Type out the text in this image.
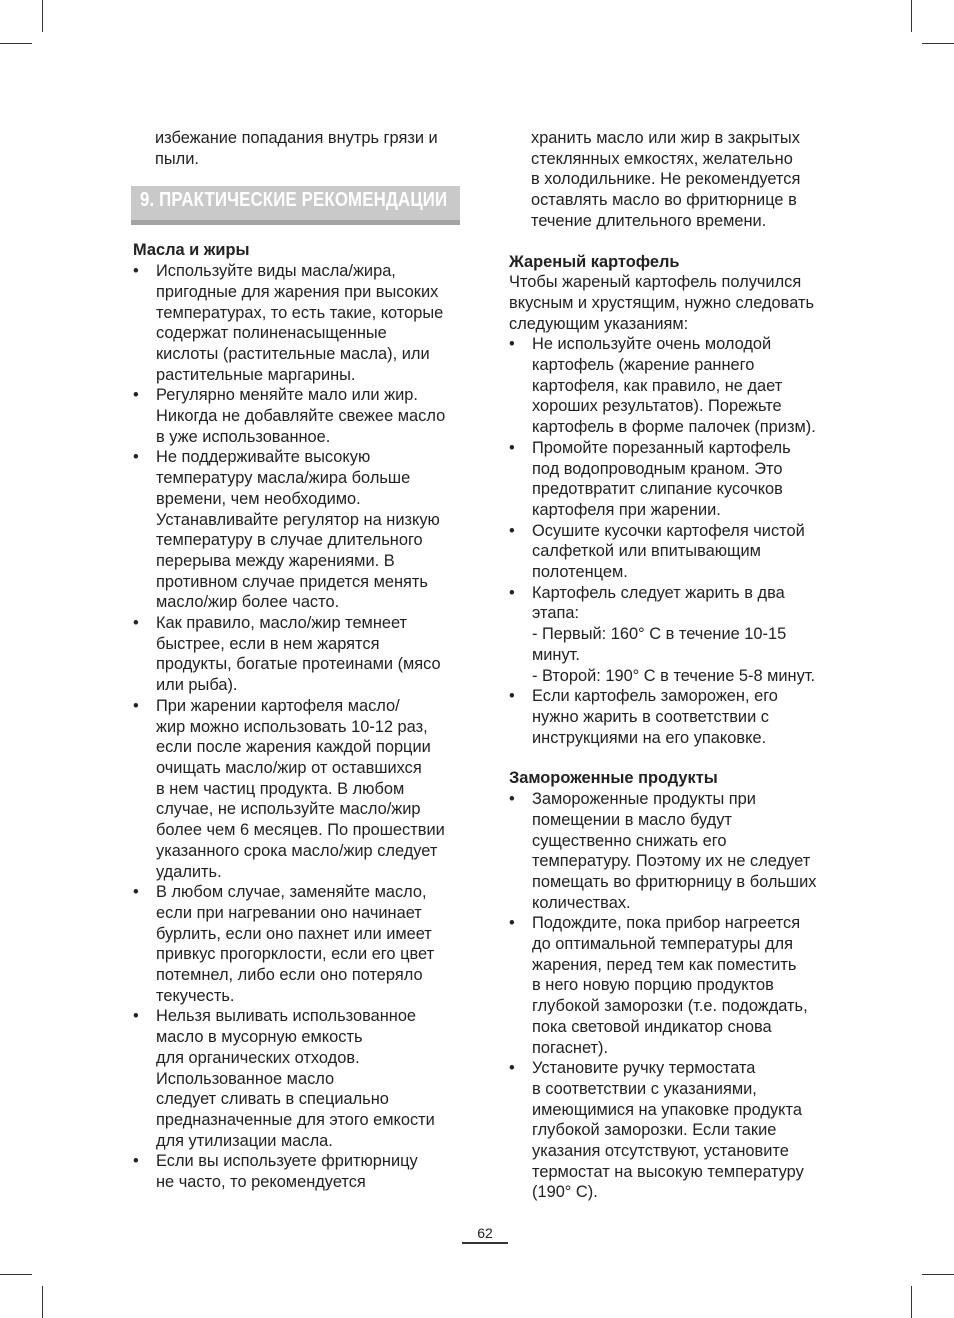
избежание попадания внутрь грязи и
пыли.
9. ПРАКТИЧЕСКИЕ РЕКОМЕНДАЦИИ
Масла и жиры
• Используйте виды масла/жира,
пригодные для жарения при высоких
температурах, то есть такие, которые
содержат полиненасыщенные
кислоты (растительные масла), или
растительные маргарины.
• Регулярно меняйте мало или жир.
Никогда не добавляйте свежее масло
в уже использованное.
• Не поддерживайте высокую
температуру масла/жира больше
времени, чем необходимо.
Устанавливайте регулятор на низкую
температуру в случае длительного
перерыва между жарениями. В
противном случае придется менять
масло/жир более часто.
• Как правило, масло/жир темнеет
быстрее, если в нем жарятся
продукты, богатые протеинами (мясо
или рыба).
• При жарении картофеля масло/
жир можно использовать 10-12 раз,
если после жарения каждой порции
очищать масло/жир от оставшихся
в нем частиц продукта. В любом
случае, не используйте масло/жир
более чем 6 месяцев. По прошествии
указанного срока масло/жир следует
удалить.
• В любом случае, заменяйте масло,
если при нагревании оно начинает
бурлить, если оно пахнет или имеет
привкус прогорклости, если его цвет
потемнел, либо если оно потеряло
текучесть.
• Нельзя выливать использованное
масло в мусорную емкость
для органических отходов.
Использованное масло
следует сливать в специально
предназначенные для этого емкости
для утилизации масла.
• Если вы используете фритюрницу
не часто, то рекомендуется
хранить масло или жир в закрытых
стеклянных емкостях, желательно
в холодильнике. Не рекомендуется
оставлять масло во фритюрнице в
течение длительного времени.
Жареный картофель
Чтобы жареный картофель получился
вкусным и хрустящим, нужно следовать
следующим указаниям:
• Не используйте очень молодой
картофель (жарение раннего
картофеля, как правило, не дает
хороших результатов). Порежьте
картофель в форме палочек (призм).
• Промойте порезанный картофель
под водопроводным краном. Это
предотвратит слипание кусочков
картофеля при жарении.
• Осушите кусочки картофеля чистой
салфеткой или впитывающим
полотенцем.
• Картофель следует жарить в два
этапа:
- Первый: 160° С в течение 10-15
минут.
- Второй: 190° С в течение 5-8 минут.
• Если картофель заморожен, его
нужно жарить в соответствии с
инструкциями на его упаковке.
Замороженные продукты
• Замороженные продукты при
помещении в масло будут
существенно снижать его
температуру. Поэтому их не следует
помещать во фритюрницу в больших
количествах.
• Подождите, пока прибор нагреется
до оптимальной температуры для
жарения, перед тем как поместить
в него новую порцию продуктов
глубокой заморозки (т.е. подождать,
пока световой индикатор снова
погаснет).
• Установите ручку термостата
в соответствии с указаниями,
имеющимися на упаковке продукта
глубокой заморозки. Если такие
указания отсутствуют, установите
термостат на высокую температуру
(190° С).
62
